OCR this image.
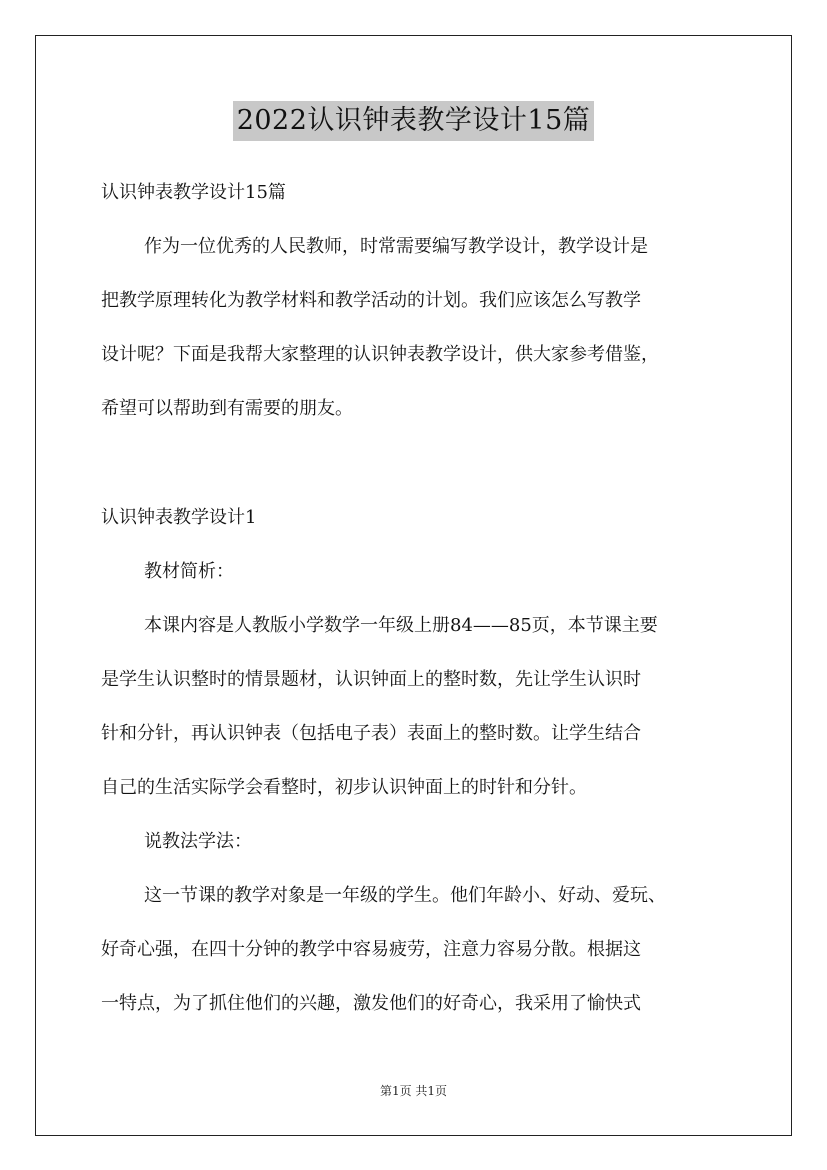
2022认识钟表教学设计15篇
认识钟表教学设计15篇
作为一位优秀的人民教师，时常需要编写教学设计，教学设计是
把教学原理转化为教学材料和教学活动的计划。我们应该怎么写教学
设计呢？下面是我帮大家整理的认识钟表教学设计，供大家参考借鉴，
希望可以帮助到有需要的朋友。
认识钟表教学设计1
教材简析：
本课内容是人教版小学数学一年级上册84——85页，本节课主要
是学生认识整时的情景题材，认识钟面上的整时数，先让学生认识时
针和分针，再认识钟表（包括电子表）表面上的整时数。让学生结合
自己的生活实际学会看整时，初步认识钟面上的时针和分针。
说教法学法：
这一节课的教学对象是一年级的学生。他们年龄小、好动、爱玩、
好奇心强，在四十分钟的教学中容易疲劳，注意力容易分散。根据这
一特点，为了抓住他们的兴趣，激发他们的好奇心，我采用了愉快式
第1页 共1页
